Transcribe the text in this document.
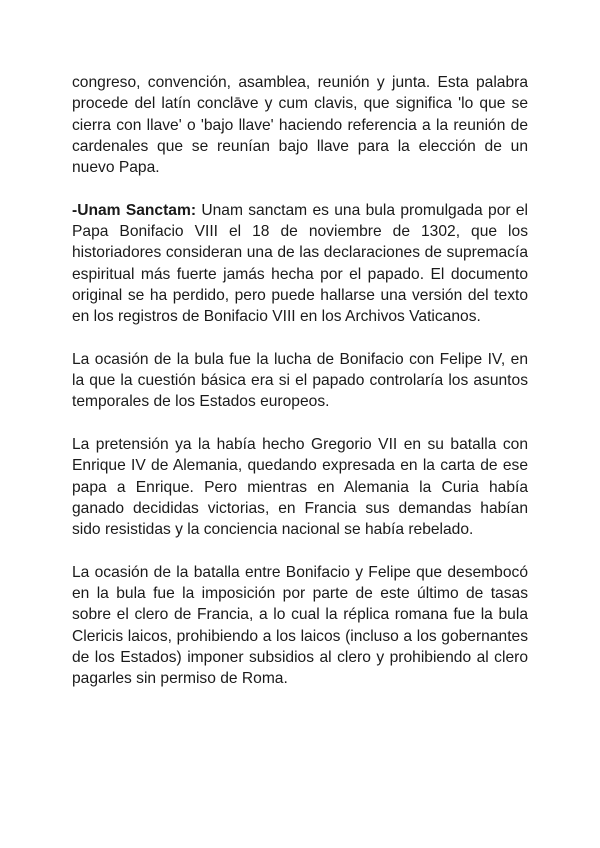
congreso, convención, asamblea, reunión y junta. Esta palabra procede del latín conclāve y cum clavis, que significa 'lo que se cierra con llave' o 'bajo llave' haciendo referencia a la reunión de cardenales que se reunían bajo llave para la elección de un nuevo Papa.

-Unam Sanctam: Unam sanctam es una bula promulgada por el Papa Bonifacio VIII el 18 de noviembre de 1302, que los historiadores consideran una de las declaraciones de supremacía espiritual más fuerte jamás hecha por el papado. El documento original se ha perdido, pero puede hallarse una versión del texto en los registros de Bonifacio VIII en los Archivos Vaticanos.

La ocasión de la bula fue la lucha de Bonifacio con Felipe IV, en la que la cuestión básica era si el papado controlaría los asuntos temporales de los Estados europeos.

La pretensión ya la había hecho Gregorio VII en su batalla con Enrique IV de Alemania, quedando expresada en la carta de ese papa a Enrique. Pero mientras en Alemania la Curia había ganado decididas victorias, en Francia sus demandas habían sido resistidas y la conciencia nacional se había rebelado.

La ocasión de la batalla entre Bonifacio y Felipe que desembocó en la bula fue la imposición por parte de este último de tasas sobre el clero de Francia, a lo cual la réplica romana fue la bula Clericis laicos, prohibiendo a los laicos (incluso a los gobernantes de los Estados) imponer subsidios al clero y prohibiendo al clero pagarles sin permiso de Roma.
